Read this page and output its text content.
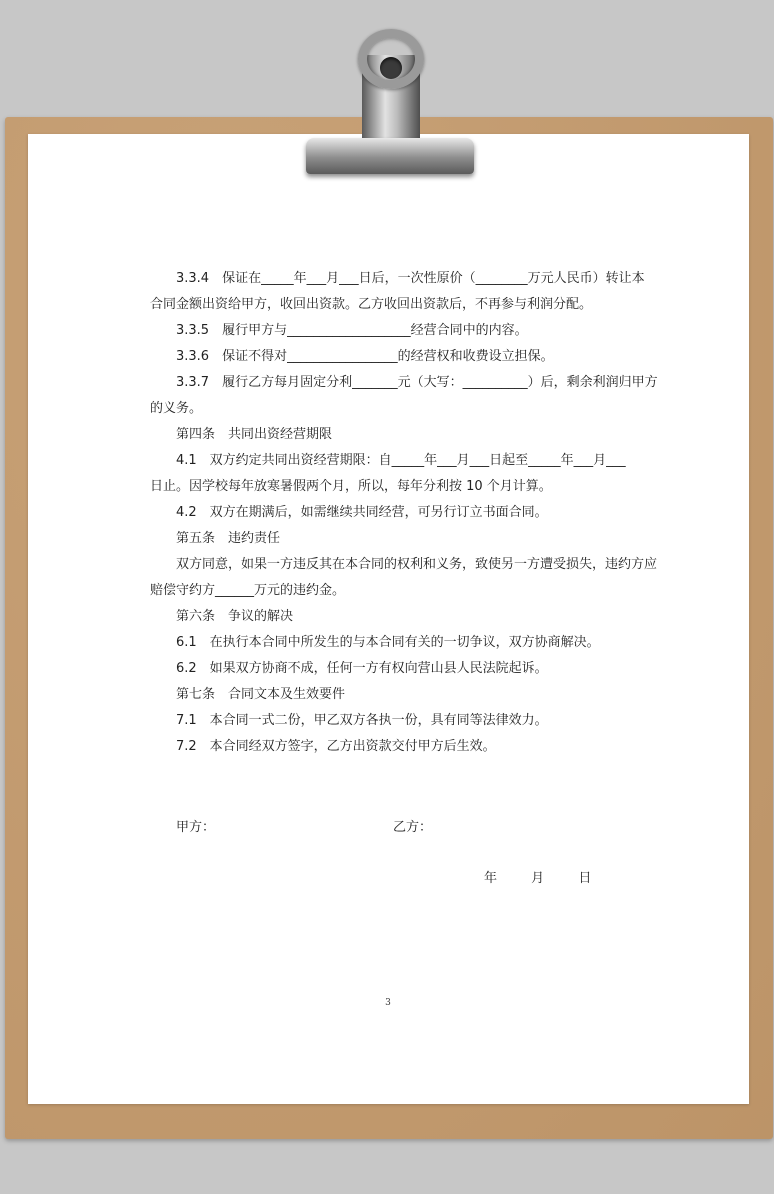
3.3.4　保证在_____年___月___日后，一次性原价（________万元人民币）转让本
合同金额出资给甲方，收回出资款。乙方收回出资款后，不再参与利润分配。
3.3.5　履行甲方与___________________经营合同中的内容。
3.3.6　保证不得对_________________的经营权和收费设立担保。
3.3.7　履行乙方每月固定分利_______元（大写：__________）后，剩余利润归甲方
的义务。
第四条　共同出资经营期限
4.1　双方约定共同出资经营期限：自_____年___月___日起至_____年___月___
日止。因学校每年放寒暑假两个月，所以，每年分利按 10 个月计算。
4.2　双方在期满后，如需继续共同经营，可另行订立书面合同。
第五条　违约责任
双方同意，如果一方违反其在本合同的权利和义务，致使另一方遭受损失，违约方应
赔偿守约方______万元的违约金。
第六条　争议的解决
6.1　在执行本合同中所发生的与本合同有关的一切争议，双方协商解决。
6.2　如果双方协商不成，任何一方有权向营山县人民法院起诉。
第七条　合同文本及生效要件
7.1　本合同一式二份，甲乙双方各执一份，具有同等法律效力。
7.2　本合同经双方签字，乙方出资款交付甲方后生效。
甲方：	乙方：
年	月	日
3
